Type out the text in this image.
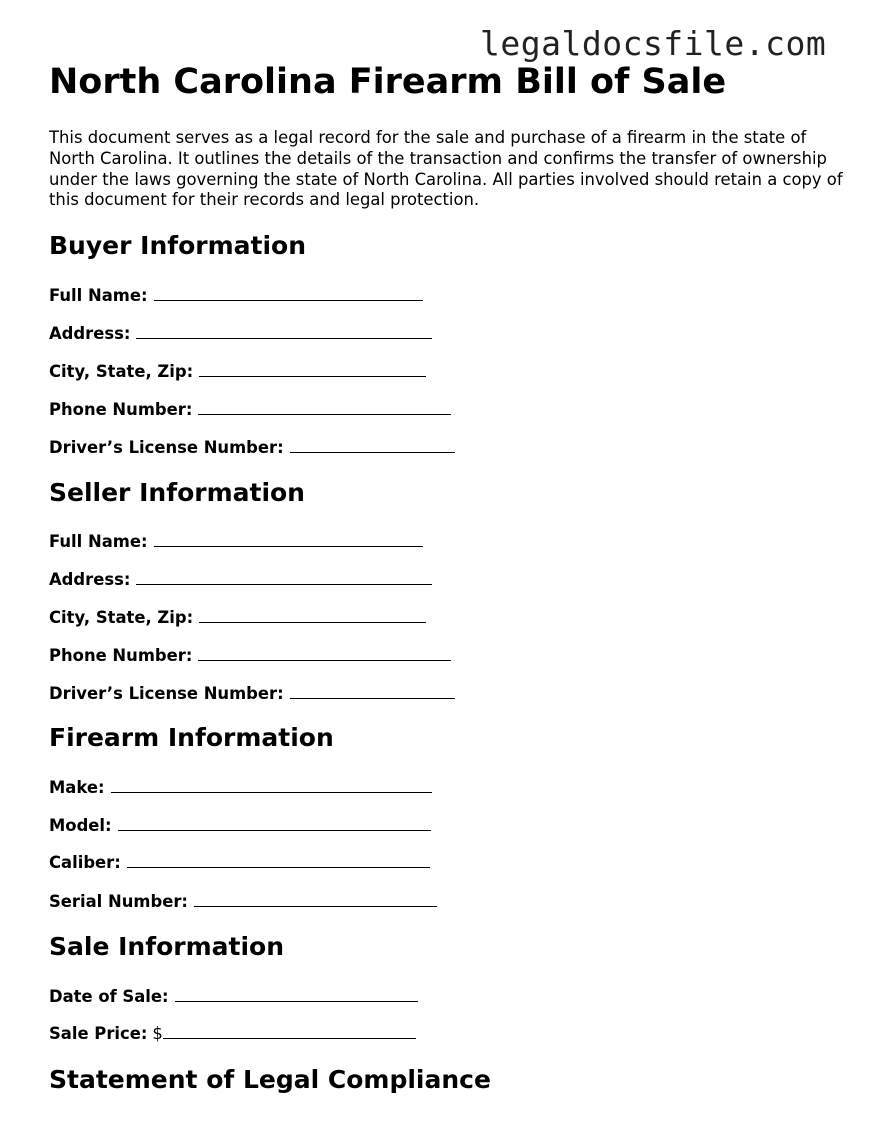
legaldocsfile.com
North Carolina Firearm Bill of Sale
This document serves as a legal record for the sale and purchase of a firearm in the state of North Carolina. It outlines the details of the transaction and confirms the transfer of ownership under the laws governing the state of North Carolina. All parties involved should retain a copy of this document for their records and legal protection.
Buyer Information
Full Name:
Address:
City, State, Zip:
Phone Number:
Driver’s License Number:
Seller Information
Full Name:
Address:
City, State, Zip:
Phone Number:
Driver’s License Number:
Firearm Information
Make:
Model:
Caliber:
Serial Number:
Sale Information
Date of Sale:
Sale Price: $
Statement of Legal Compliance
